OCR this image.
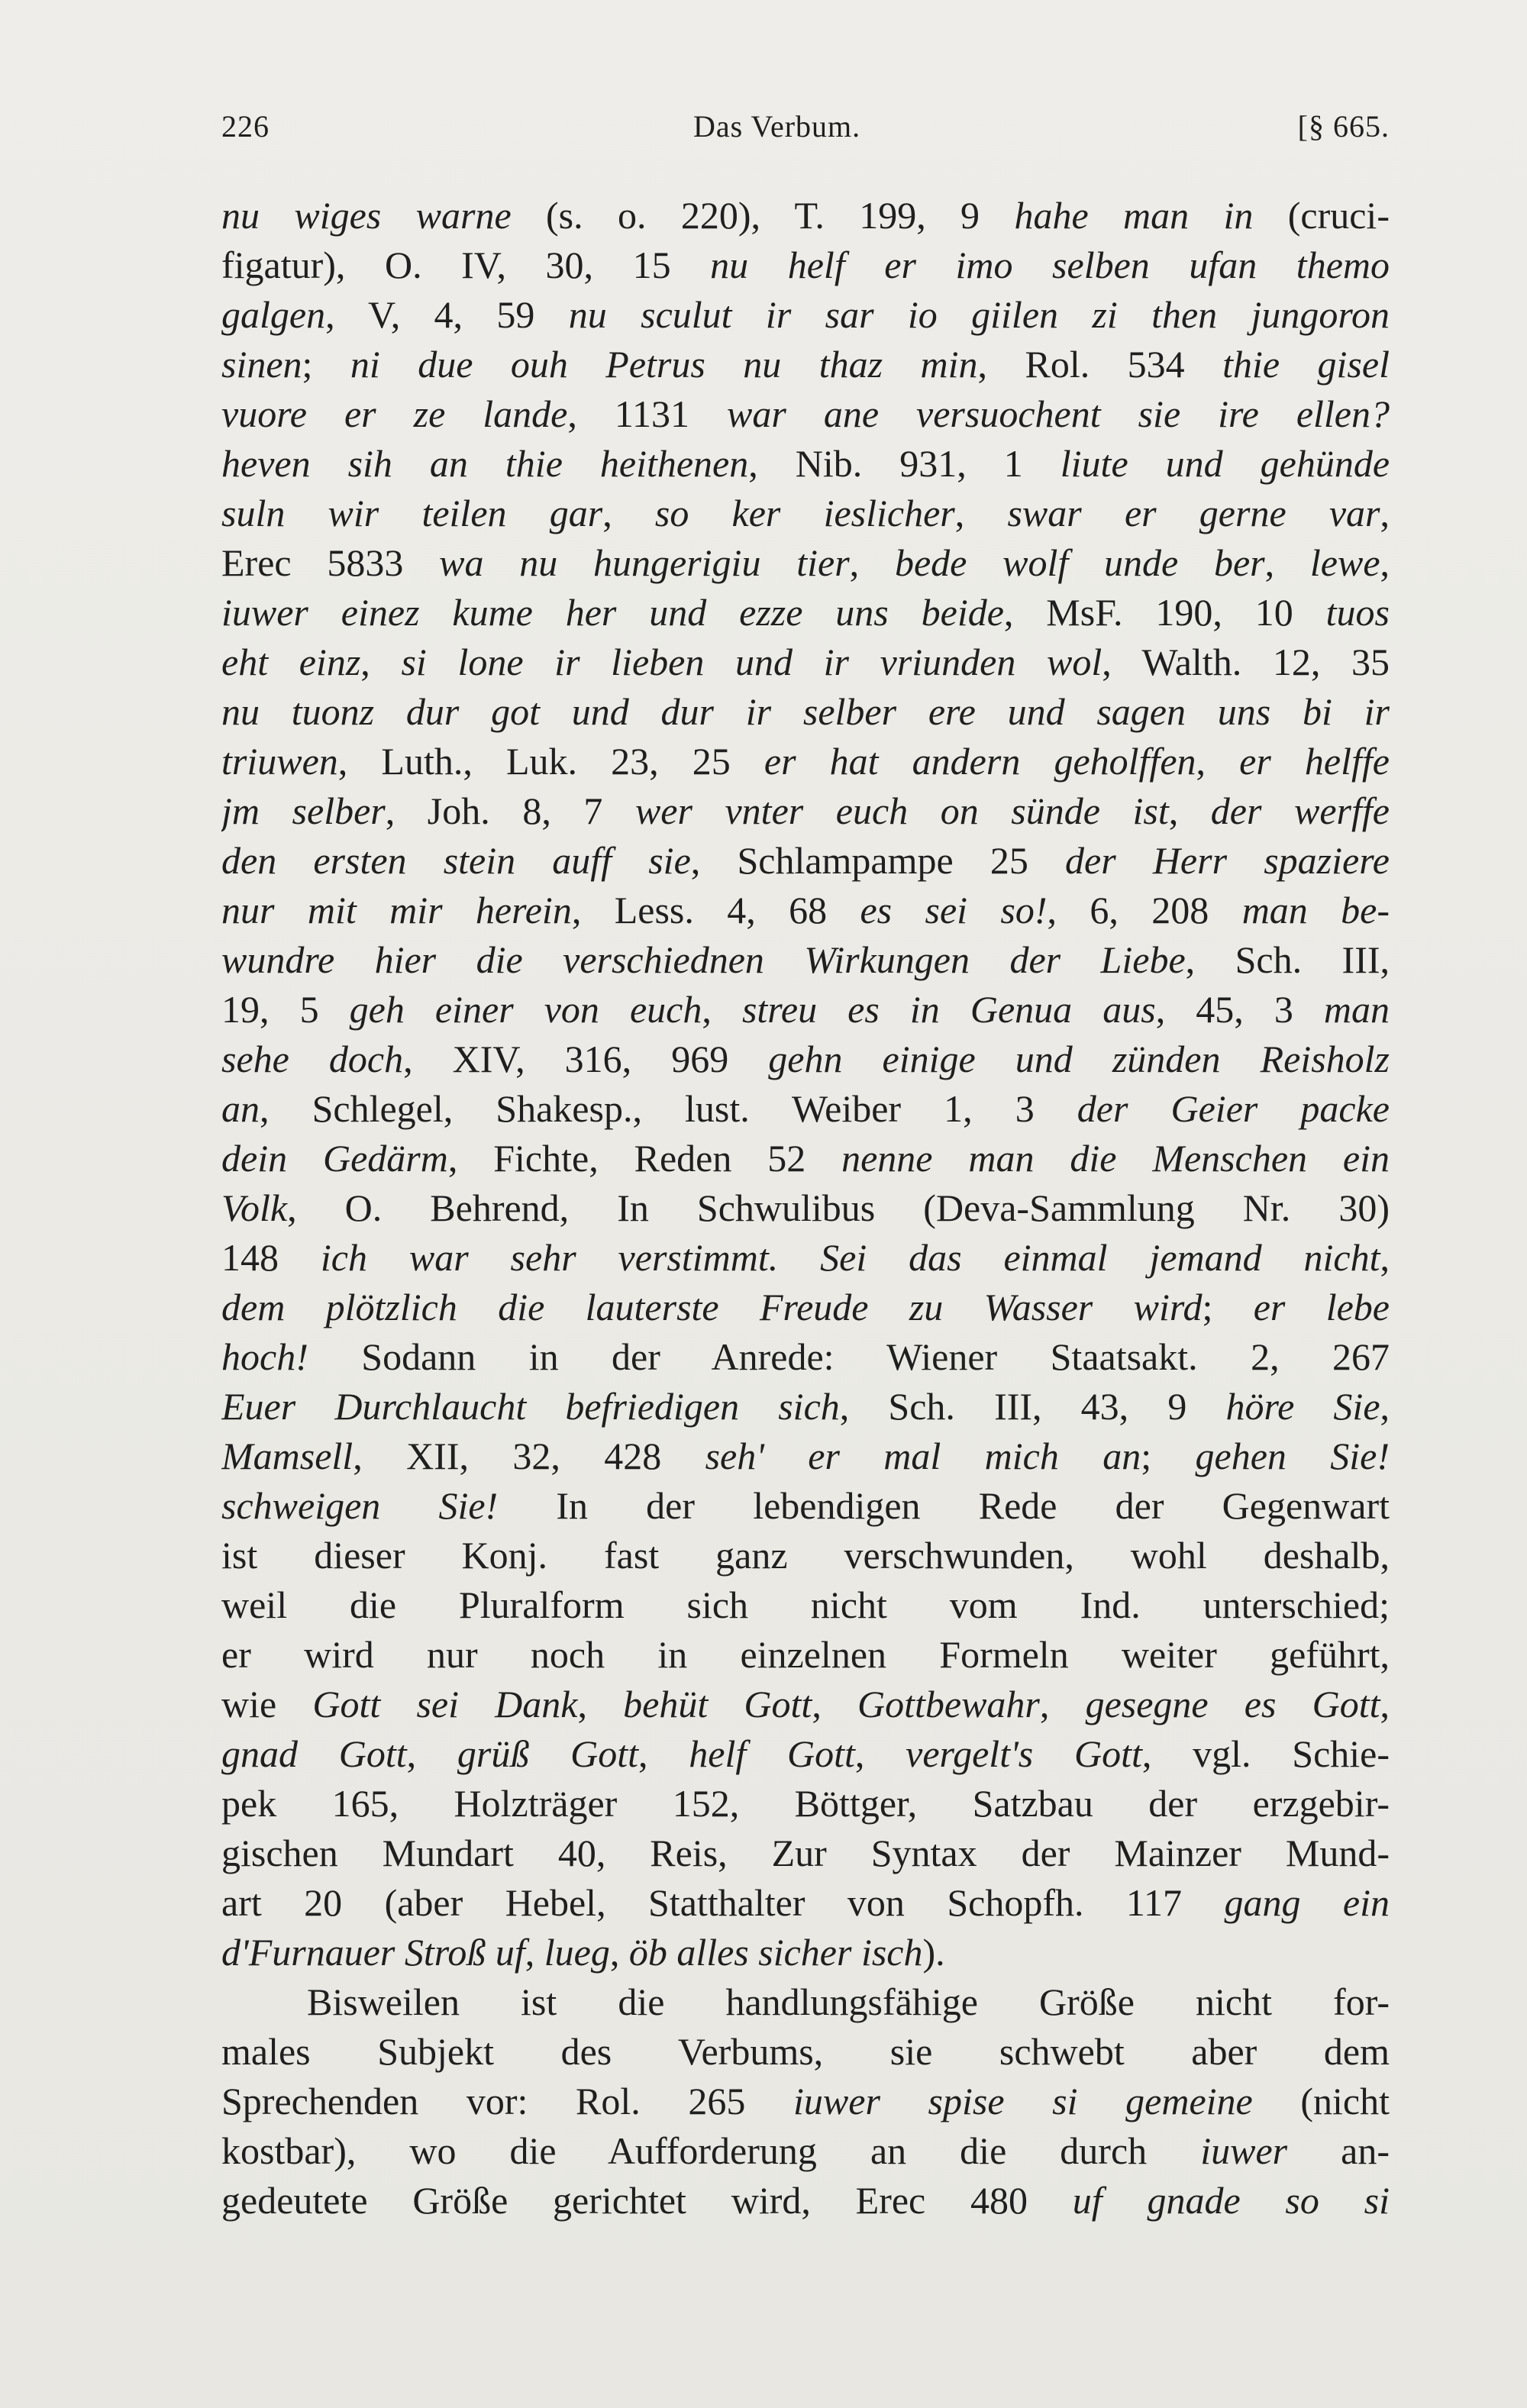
226	Das Verbum.	[§ 665.
nu wiges warne (s. o. 220), T. 199, 9 hahe man in (cruci-
figatur), O. IV, 30, 15 nu helf er imo selben ufan themo
galgen, V, 4, 59 nu sculut ir sar io giilen zi then jungoron
sinen; ni due ouh Petrus nu thaz min, Rol. 534 thie gisel
vuore er ze lande, 1131 war ane versuochent sie ire ellen?
heven sih an thie heithenen, Nib. 931, 1 liute und gehünde
suln wir teilen gar, so ker ieslicher, swar er gerne var,
Erec 5833 wa nu hungerigiu tier, bede wolf unde ber, lewe,
iuwer einez kume her und ezze uns beide, MsF. 190, 10 tuos
eht einz, si lone ir lieben und ir vriunden wol, Walth. 12, 35
nu tuonz dur got und dur ir selber ere und sagen uns bi ir
triuwen, Luth., Luk. 23, 25 er hat andern geholffen, er helffe
jm selber, Joh. 8, 7 wer vnter euch on sünde ist, der werffe
den ersten stein auff sie, Schlampampe 25 der Herr spaziere
nur mit mir herein, Less. 4, 68 es sei so!, 6, 208 man be-
wundre hier die verschiednen Wirkungen der Liebe, Sch. III,
19, 5 geh einer von euch, streu es in Genua aus, 45, 3 man
sehe doch, XIV, 316, 969 gehn einige und zünden Reisholz
an, Schlegel, Shakesp., lust. Weiber 1, 3 der Geier packe
dein Gedärm, Fichte, Reden 52 nenne man die Menschen ein
Volk, O. Behrend, In Schwulibus (Deva-Sammlung Nr. 30)
148 ich war sehr verstimmt. Sei das einmal jemand nicht,
dem plötzlich die lauterste Freude zu Wasser wird; er lebe
hoch! Sodann in der Anrede: Wiener Staatsakt. 2, 267
Euer Durchlaucht befriedigen sich, Sch. III, 43, 9 höre Sie,
Mamsell, XII, 32, 428 seh' er mal mich an; gehen Sie!
schweigen Sie! In der lebendigen Rede der Gegenwart
ist dieser Konj. fast ganz verschwunden, wohl deshalb,
weil die Pluralform sich nicht vom Ind. unterschied;
er wird nur noch in einzelnen Formeln weiter geführt,
wie Gott sei Dank, behüt Gott, Gottbewahr, gesegne es Gott,
gnad Gott, grüß Gott, helf Gott, vergelt's Gott, vgl. Schie-
pek 165, Holzträger 152, Böttger, Satzbau der erzgebir-
gischen Mundart 40, Reis, Zur Syntax der Mainzer Mund-
art 20 (aber Hebel, Statthalter von Schopfh. 117 gang ein
d'Furnauer Stroß uf, lueg, öb alles sicher isch).
Bisweilen ist die handlungsfähige Größe nicht for-
males Subjekt des Verbums, sie schwebt aber dem
Sprechenden vor: Rol. 265 iuwer spise si gemeine (nicht
kostbar), wo die Aufforderung an die durch iuwer an-
gedeutete Größe gerichtet wird, Erec 480 uf gnade so si
